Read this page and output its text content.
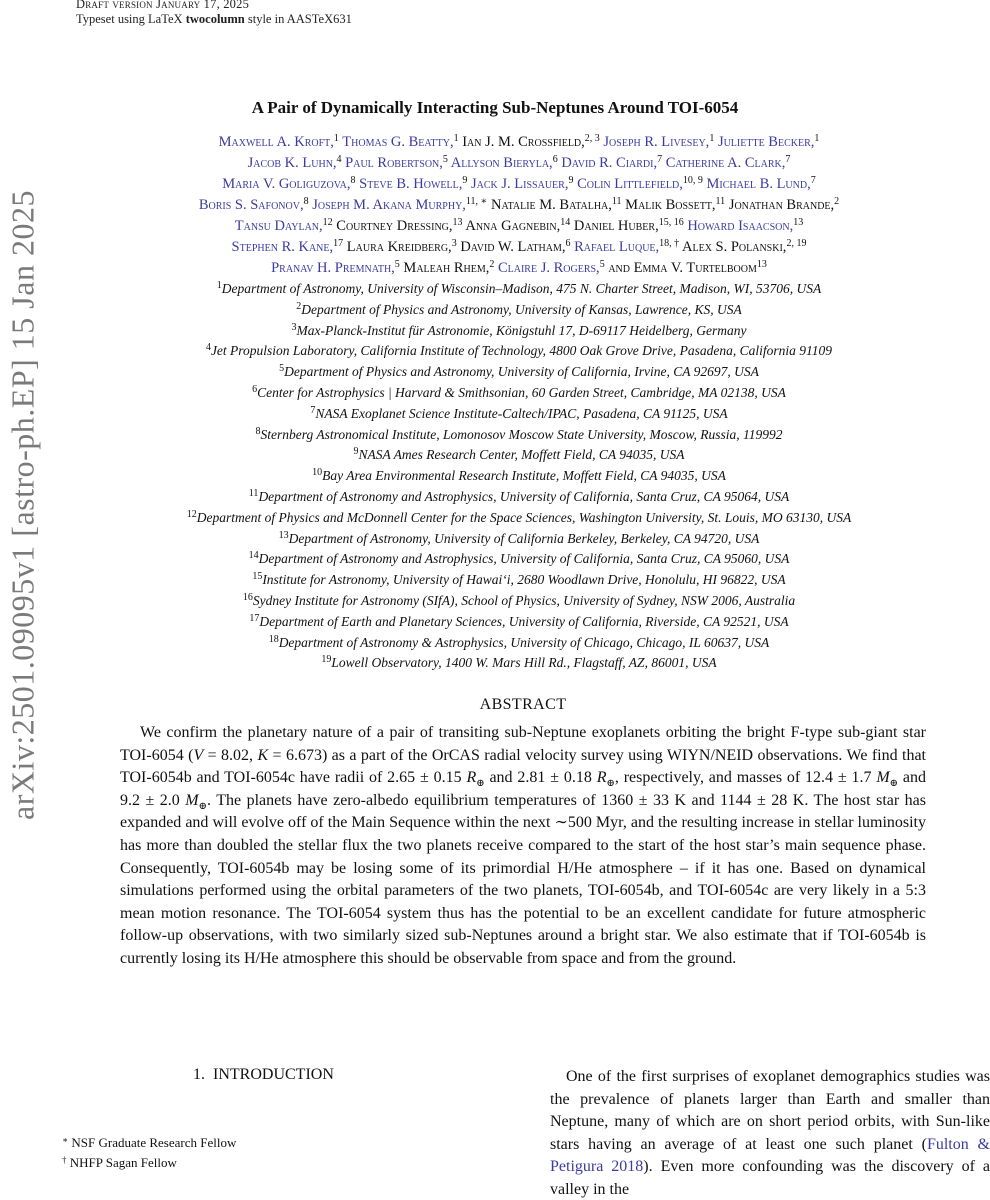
Draft version January 17, 2025
Typeset using LaTeX twocolumn style in AASTeX631
arXiv:2501.09095v1 [astro-ph.EP] 15 Jan 2025
A Pair of Dynamically Interacting Sub-Neptunes Around TOI-6054
Maxwell A. Kroft,$^1$ Thomas G. Beatty,$^1$ Ian J. M. Crossfield,$^{2, 3}$ Joseph R. Livesey,$^1$ Juliette Becker,$^1$
Jacob K. Luhn,$^4$ Paul Robertson,$^5$ Allyson Bieryla,$^6$ David R. Ciardi,$^7$ Catherine A. Clark,$^7$
Maria V. Goliguzova,$^8$ Steve B. Howell,$^9$ Jack J. Lissauer,$^9$ Colin Littlefield,$^{10, 9}$ Michael B. Lund,$^7$
Boris S. Safonov,$^8$ Joseph M. Akana Murphy,$^{11, ∗}$ Natalie M. Batalha,$^{11}$ Malik Bossett,$^{11}$ Jonathan Brande,$^2$
Tansu Daylan,$^{12}$ Courtney Dressing,$^{13}$ Anna Gagnebin,$^{14}$ Daniel Huber,$^{15, 16}$ Howard Isaacson,$^{13}$
Stephen R. Kane,$^{17}$ Laura Kreidberg,$^3$ David W. Latham,$^6$ Rafael Luque,$^{18, \dagger}$ Alex S. Polanski,$^{2, 19}$
Pranav H. Premnath,$^5$ Maleah Rhem,$^2$ Claire J. Rogers,$^5$ and Emma V. Turtelboom$^{13}$
$^1$Department of Astronomy, University of Wisconsin–Madison, 475 N. Charter Street, Madison, WI, 53706, USA
$^2$Department of Physics and Astronomy, University of Kansas, Lawrence, KS, USA
$^3$Max-Planck-Institut für Astronomie, Königstuhl 17, D-69117 Heidelberg, Germany
$^4$Jet Propulsion Laboratory, California Institute of Technology, 4800 Oak Grove Drive, Pasadena, California 91109
$^5$Department of Physics and Astronomy, University of California, Irvine, CA 92697, USA
$^6$Center for Astrophysics | Harvard & Smithsonian, 60 Garden Street, Cambridge, MA 02138, USA
$^7$NASA Exoplanet Science Institute-Caltech/IPAC, Pasadena, CA 91125, USA
$^8$Sternberg Astronomical Institute, Lomonosov Moscow State University, Moscow, Russia, 119992
$^9$NASA Ames Research Center, Moffett Field, CA 94035, USA
$^{10}$Bay Area Environmental Research Institute, Moffett Field, CA 94035, USA
$^{11}$Department of Astronomy and Astrophysics, University of California, Santa Cruz, CA 95064, USA
$^{12}$Department of Physics and McDonnell Center for the Space Sciences, Washington University, St. Louis, MO 63130, USA
$^{13}$Department of Astronomy, University of California Berkeley, Berkeley, CA 94720, USA
$^{14}$Department of Astronomy and Astrophysics, University of California, Santa Cruz, CA 95060, USA
$^{15}$Institute for Astronomy, University of Hawai‘i, 2680 Woodlawn Drive, Honolulu, HI 96822, USA
$^{16}$Sydney Institute for Astronomy (SIfA), School of Physics, University of Sydney, NSW 2006, Australia
$^{17}$Department of Earth and Planetary Sciences, University of California, Riverside, CA 92521, USA
$^{18}$Department of Astronomy & Astrophysics, University of Chicago, Chicago, IL 60637, USA
$^{19}$Lowell Observatory, 1400 W. Mars Hill Rd., Flagstaff, AZ, 86001, USA
ABSTRACT

We confirm the planetary nature of a pair of transiting sub-Neptune exoplanets orbiting the bright F-type sub-giant star TOI-6054 (V = 8.02, K = 6.673) as a part of the OrCAS radial velocity survey using WIYN/NEID observations. We find that TOI-6054b and TOI-6054c have radii of 2.65 ± 0.15 $R_\oplus$ and 2.81 ± 0.18 $R_\oplus$, respectively, and masses of 12.4 ± 1.7 $M_\oplus$ and 9.2 ± 2.0 $M_\oplus$. The planets have zero-albedo equilibrium temperatures of 1360 ± 33 K and 1144 ± 28 K. The host star has expanded and will evolve off of the Main Sequence within the next ∼500 Myr, and the resulting increase in stellar luminosity has more than doubled the stellar flux the two planets receive compared to the start of the host star’s main sequence phase. Consequently, TOI-6054b may be losing some of its primordial H/He atmosphere – if it has one. Based on dynamical simulations performed using the orbital parameters of the two planets, TOI-6054b, and TOI-6054c are very likely in a 5:3 mean motion resonance. The TOI-6054 system thus has the potential to be an excellent candidate for future atmospheric follow-up observations, with two similarly sized sub-Neptunes around a bright star. We also estimate that if TOI-6054b is currently losing its H/He atmosphere this should be observable from space and from the ground.

1. INTRODUCTION
∗ NSF Graduate Research Fellow
† NHFP Sagan Fellow

One of the first surprises of exoplanet demographics studies was the prevalence of planets larger than Earth and smaller than Neptune, many of which are on short period orbits, with Sun-like stars having an average of at least one such planet (Fulton & Petigura 2018). Even more confounding was the discovery of a valley in the
